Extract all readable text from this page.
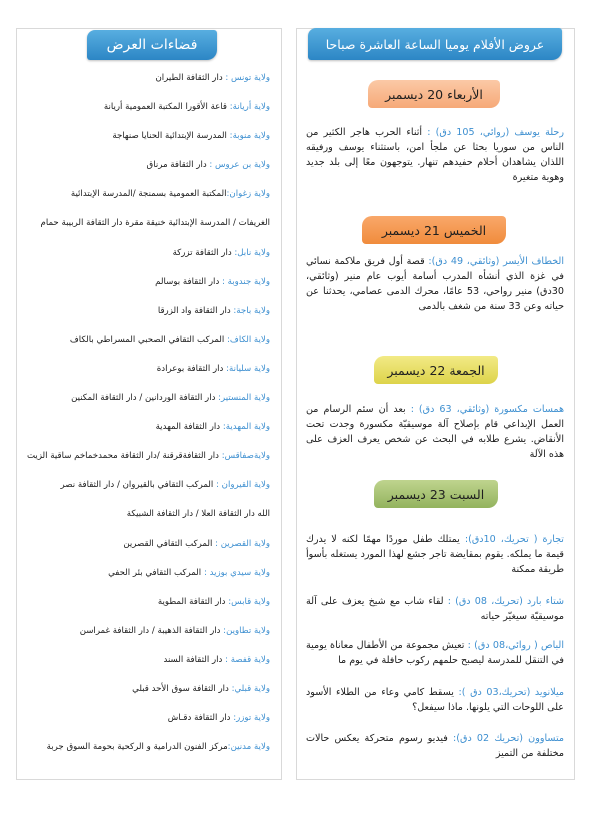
فضاءات العرض
ولاية تونس : دار الثقافة الطيران
ولاية أريانة: قاعة الأقورا المكتبة العمومية أريانة
ولاية منوبة: المدرسة الإبتدائية الحنايا صنهاجة
ولاية بن عروس : دار الثقافة مرناق
ولاية زغوان:المكتبة العمومية بسمنجة /المدرسة الإبتدائية
الغريفات / المدرسة الإبتدائية خنيقة مقرة دار الثقافة الربيبة حمام
ولاية نابل: دار الثقافة تزركة
ولاية جندوبة : دار الثقافة بوسالم
ولاية باجة: دار الثقافة واد الزرقا
ولاية الكاف: المركب الثقافي الصحبي المسراطي بالكاف
ولاية سليانة: دار الثقافة بوعرادة
ولاية المنستير: دار الثقافة الوردانين / دار الثقافة المكنين
ولاية المهدية: دار الثقافة المهدية
ولايةصفاقس: دار الثقافةقرقنة /دار الثقافة محمدخماخم ساقية الزيت
ولاية القيروان : المركب الثقافي بالقيروان / دار الثقافة نصر
الله دار الثقافة العلا / دار الثقافة الشبيكة
ولاية القصرين : المركب الثقافي القصرين
ولاية سيدي بوزيد : المركب الثقافي بئر الحفي
ولاية قابس: دار الثقافة المطوية
ولاية تطاوين: دار الثقافة الذهيبة / دار الثقافة غمراسن
ولاية قفصة : دار الثقافة السند
ولاية قبلي: دار الثقافة سوق الأحد قبلي
ولاية توزر: دار الثقافة دقـاش
ولاية مدنين:مركز الفنون الدرامية و الركحية بحومة السوق جربة
عروض الأفلام يوميا الساعة العاشرة صباحا
الأربعاء 20 ديسمبر
الخميس 21 ديسمبر
الجمعة 22 ديسمبر
السبت 23 ديسمبر

رحلة يوسف (روائي، 105 دق) : أثناء الحرب هاجر الكثير من الناس من سوريا بحثا عن ملجأ امن، باستثناء يوسف ورفيقه اللذان يشاهدان أحلام حفيدهم تنهار. يتوجهون معًا إلى بلد جديد وهوية متغيرة

الخطاف الأيسر (وثائقي، 49 دق): قصة أول فريق ملاكمة نسائي في غزة الذي أنشأه المدرب أسامة أيوب عام منير (وثائقي، 30دق) منير رواحي، 53 عامًا، محرك الدمى عصامي، يحدثنا عن حياته وعن 33 سنة من شغف بالدمى

همسات مكسورة (وثائقي، 63 دق) : بعد أن سئم الرسام من العمل الإبداعي قام بإصلاح آلة موسيقيّة مكسورة وجدت تحت الأنقاض. يشرع طلابه في البحث عن شخص يعرف العزف على هذه الآلة

تجارة ( تحريك، 10دق): يمتلك طفل موردًا مهمًا لكنه لا يدرك قيمة ما يملكه. يقوم بمقايضة تاجر جشع لهذا المورد يستغله بأسوأ طريقة ممكنة

شتاء بارد (تحريك، 08 دق) : لقاء شاب مع شيخ يعزف على آلة موسيقيّة سيغيّر حياته

الباص ( روائي،08 دق) : تعيش مجموعة من الأطفال معاناة يومية في التنقل للمدرسة ليصبح حلمهم ركوب حافلة في يوم ما

ميلانويد (تحريك،03 دق ): يسقط كامي وعاء من الطلاء الأسود على اللوحات التي يلونها. ماذا سيفعل؟

متساوون (تحريك 02 دق): فيديو رسوم متحركة يعكس حالات مختلفة من التميز
